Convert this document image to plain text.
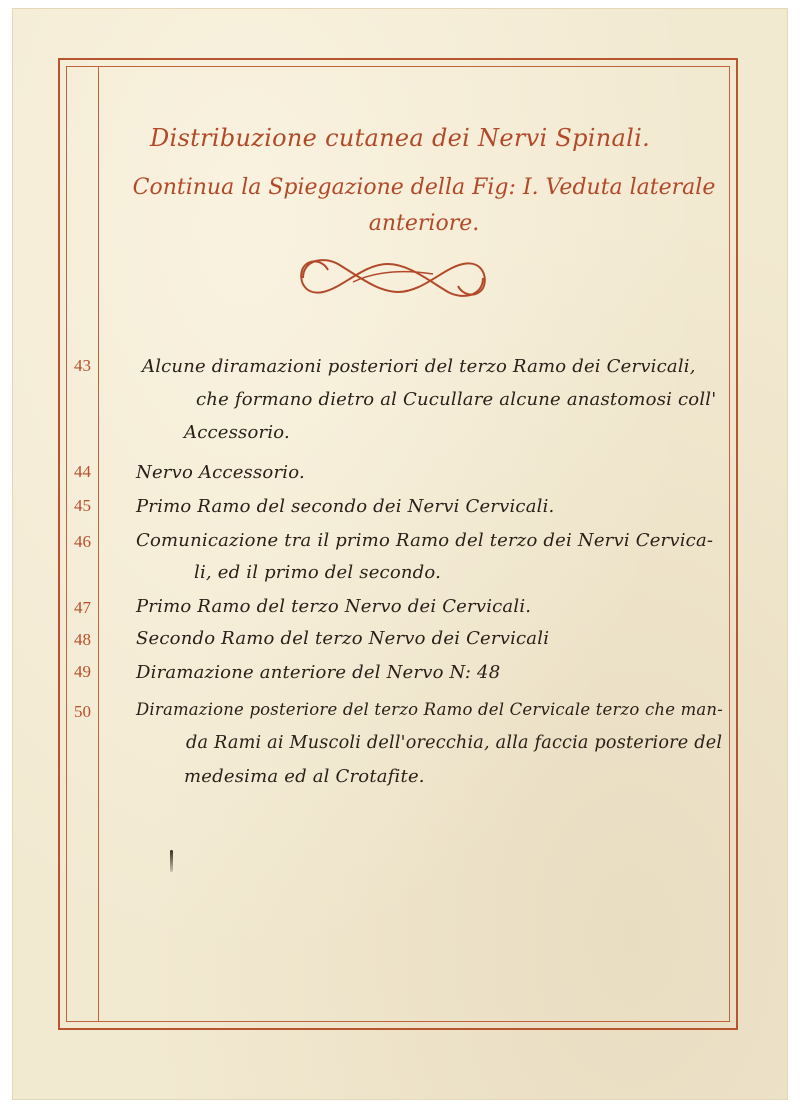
Distribuzione cutanea dei Nervi Spinali.
Continua la Spiegazione della Fig: I. Veduta laterale anteriore.
43	Alcune diramazioni posteriori del terzo Ramo dei Cervicali,
che formano dietro al Cucullare alcune anastomosi coll'
Accessorio.
44	Nervo Accessorio.
45	Primo Ramo del secondo dei Nervi Cervicali.
46	Comunicazione tra il primo Ramo del terzo dei Nervi Cervica-
li, ed il primo del secondo.
47	Primo Ramo del terzo Nervo dei Cervicali.
48	Secondo Ramo del terzo Nervo dei Cervicali
49	Diramazione anteriore del Nervo N: 48
50	Diramazione posteriore del terzo Ramo del Cervicale terzo che man-
da Rami ai Muscoli dell'orecchia, alla faccia posteriore del
medesima ed al Crotafite.
